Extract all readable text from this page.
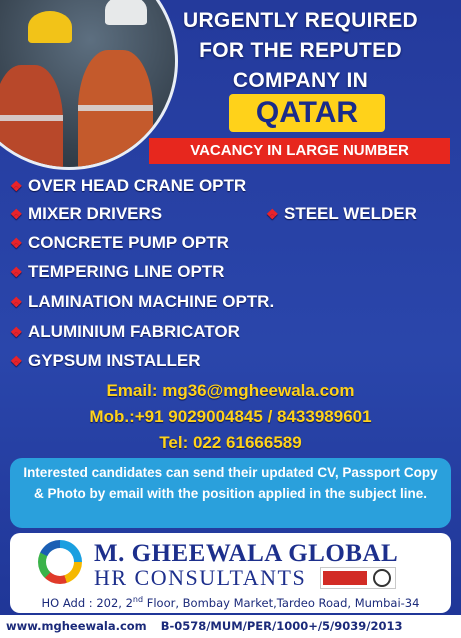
URGENTLY REQUIRED
FOR THE REPUTED
COMPANY IN
QATAR
VACANCY IN LARGE NUMBER
❖ OVER HEAD CRANE OPTR
❖ MIXER DRIVERS	❖ STEEL WELDER
❖ CONCRETE PUMP OPTR
❖ TEMPERING LINE OPTR
❖ LAMINATION MACHINE OPTR.
❖ ALUMINIUM FABRICATOR
❖ GYPSUM INSTALLER
Email: mg36@mgheewala.com
Mob.:+91 9029004845 / 8433989601
Tel: 022 61666589
Interested candidates can send their updated CV, Passport Copy & Photo by email with the position applied in the subject line.
M. GHEEWALA GLOBAL
HR CONSULTANTS
HO Add : 202, 2nd Floor, Bombay Market,Tardeo Road, Mumbai-34
www.mgheewala.com B-0578/MUM/PER/1000+/5/9039/2013
